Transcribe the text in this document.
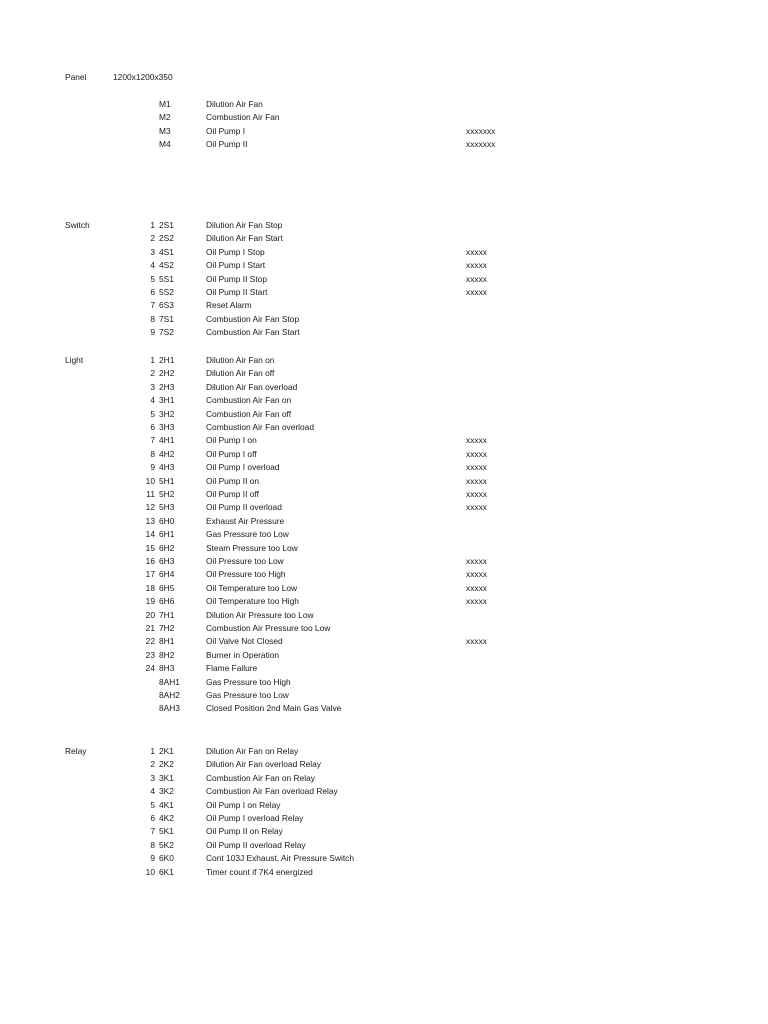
Panel	1200x1200x350
M1	Dilution Air Fan
M2	Combustion Air Fan
M3	Oil Pump I	xxxxxxx
M4	Oil Pump II	xxxxxxx
Switch	1 2S1	Dilution Air Fan Stop
2 2S2	Dilution Air Fan Start
3 4S1	Oil Pump I Stop	xxxxx
4 4S2	Oil Pump I Start	xxxxx
5 5S1	Oil Pump II Stop	xxxxx
6 5S2	Oil Pump II Start	xxxxx
7 6S3	Reset Alarm
8 7S1	Combustion Air Fan Stop
9 7S2	Combustion Air Fan Start
Light	1 2H1	Dilution Air Fan on
2 2H2	Dilution Air Fan off
3 2H3	Dilution Air Fan overload
4 3H1	Combustion Air Fan on
5 3H2	Combustion Air Fan off
6 3H3	Combustion Air Fan overload
7 4H1	Oil Pump I on	xxxxx
8 4H2	Oil Pump I off	xxxxx
9 4H3	Oil Pump I overload	xxxxx
10 5H1	Oil Pump II on	xxxxx
11 5H2	Oil Pump II off	xxxxx
12 5H3	Oil Pump II overload	xxxxx
13 6H0	Exhaust Air Pressure
14 6H1	Gas Pressure too Low
15 6H2	Steam Pressure too Low
16 6H3	Oil Pressure too Low	xxxxx
17 6H4	Oil Pressure too High	xxxxx
18 6H5	Oil Temperature too Low	xxxxx
19 6H6	Oil Temperature too High	xxxxx
20 7H1	Dilution Air Pressure too Low
21 7H2	Combustion Air Pressure too Low
22 8H1	Oil Valve Not Closed	xxxxx
23 8H2	Burner in Operation
24 8H3	Flame Failure
8AH1	Gas Pressure too High
8AH2	Gas Pressure too Low
8AH3	Closed Position 2nd Main Gas Valve
Relay	1 2K1	Dilution Air Fan on Relay
2 2K2	Dilution Air Fan overload Relay
3 3K1	Combustion Air Fan on Relay
4 3K2	Combustion Air Fan overload Relay
5 4K1	Oil Pump I on Relay
6 4K2	Oil Pump I overload Relay
7 5K1	Oil Pump II on Relay
8 5K2	Oil Pump II overload Relay
9 6K0	Cont 103J Exhaust, Air Pressure Switch
10 6K1	Timer count if 7K4 energized
